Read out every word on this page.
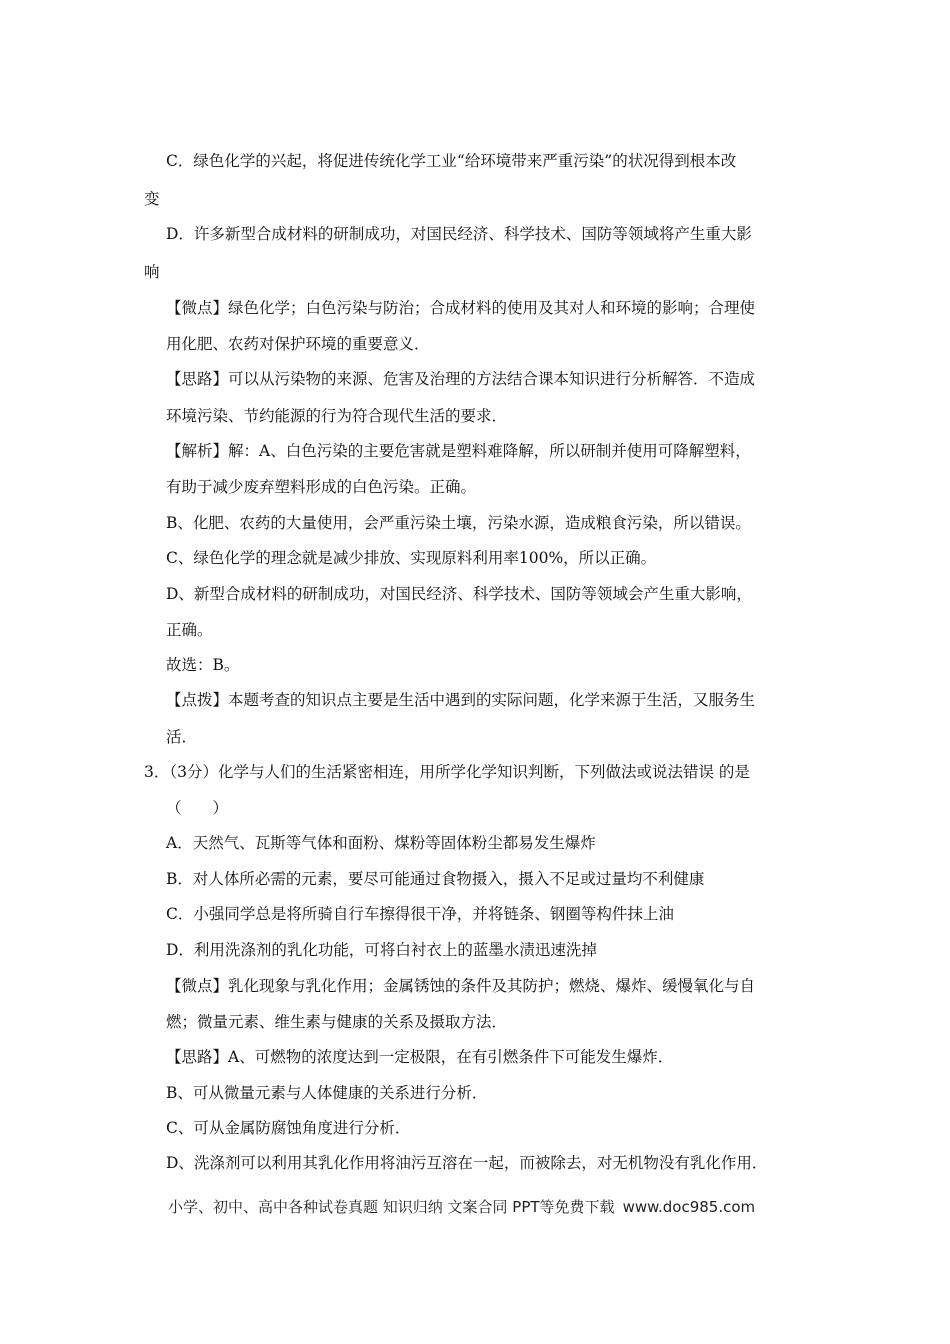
C．绿色化学的兴起，将促进传统化学工业“给环境带来严重污染”的状况得到根本改
变
D．许多新型合成材料的研制成功，对国民经济、科学技术、国防等领域将产生重大影
响
【微点】绿色化学；白色污染与防治；合成材料的使用及其对人和环境的影响；合理使
用化肥、农药对保护环境的重要意义．
【思路】可以从污染物的来源、危害及治理的方法结合课本知识进行分析解答．不造成
环境污染、节约能源的行为符合现代生活的要求．
【解析】解：A、白色污染的主要危害就是塑料难降解，所以研制并使用可降解塑料，
有助于减少废弃塑料形成的白色污染。正确。
B、化肥、农药的大量使用，会严重污染土壤，污染水源，造成粮食污染，所以错误。
C、绿色化学的理念就是减少排放、实现原料利用率100%，所以正确。
D、新型合成材料的研制成功，对国民经济、科学技术、国防等领域会产生重大影响，
正确。
故选：B。
【点拨】本题考查的知识点主要是生活中遇到的实际问题，化学来源于生活，又服务生
活．
3．（3分）化学与人们的生活紧密相连，用所学化学知识判断，下列做法或说法错误 的是
（　　）
A．天然气、瓦斯等气体和面粉、煤粉等固体粉尘都易发生爆炸
B．对人体所必需的元素，要尽可能通过食物摄入，摄入不足或过量均不利健康
C．小强同学总是将所骑自行车擦得很干净，并将链条、钢圈等构件抹上油
D．利用洗涤剂的乳化功能，可将白衬衣上的蓝墨水渍迅速洗掉
【微点】乳化现象与乳化作用；金属锈蚀的条件及其防护；燃烧、爆炸、缓慢氧化与自
燃；微量元素、维生素与健康的关系及摄取方法．
【思路】A、可燃物的浓度达到一定极限，在有引燃条件下可能发生爆炸．
B、可从微量元素与人体健康的关系进行分析．
C、可从金属防腐蚀角度进行分析．
D、洗涤剂可以利用其乳化作用将油污互溶在一起，而被除去，对无机物没有乳化作用．
小学、初中、高中各种试卷真题 知识归纳 文案合同 PPT等免费下载 www.doc985.com
